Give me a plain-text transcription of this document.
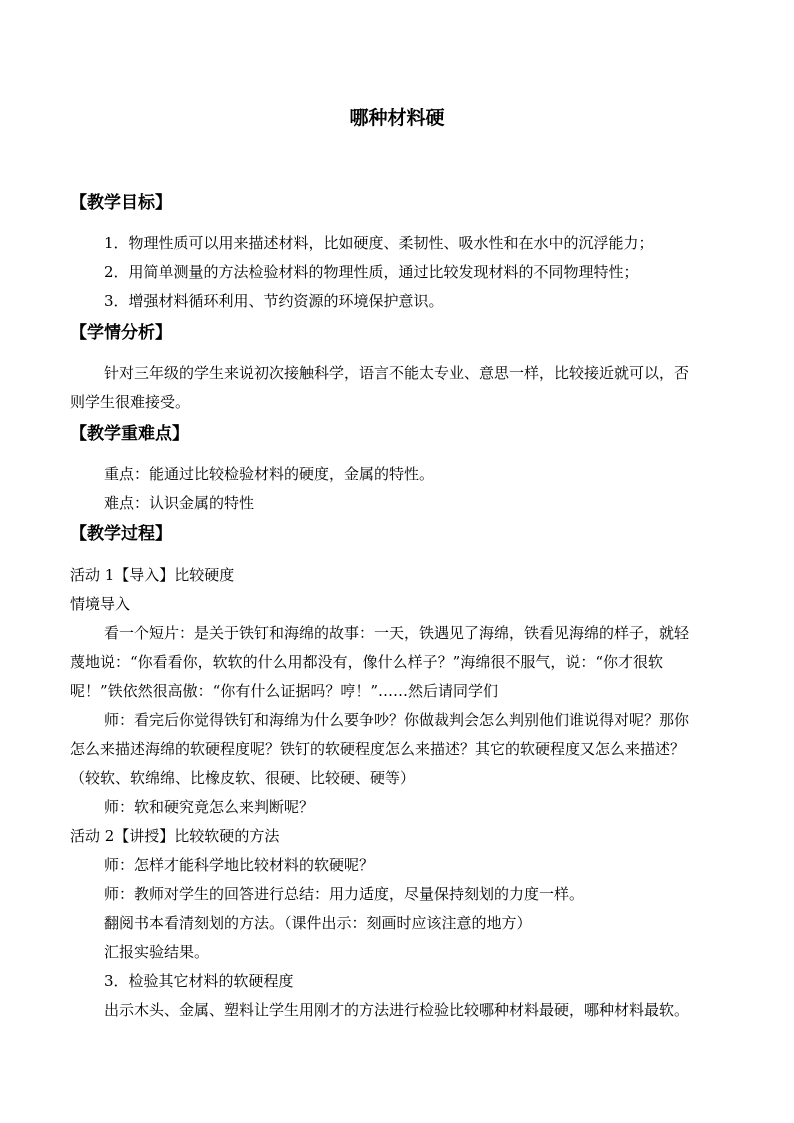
哪种材料硬
【教学目标】
1．物理性质可以用来描述材料，比如硬度、柔韧性、吸水性和在水中的沉浮能力；
2．用简单测量的方法检验材料的物理性质，通过比较发现材料的不同物理特性；
3．增强材料循环利用、节约资源的环境保护意识。
【学情分析】
针对三年级的学生来说初次接触科学，语言不能太专业、意思一样，比较接近就可以，否
则学生很难接受。
【教学重难点】
重点：能通过比较检验材料的硬度，金属的特性。
难点：认识金属的特性
【教学过程】
活动 1【导入】比较硬度
情境导入
看一个短片：是关于铁钉和海绵的故事：一天，铁遇见了海绵，铁看见海绵的样子，就轻
蔑地说：“你看看你，软软的什么用都没有，像什么样子？”海绵很不服气，说：“你才很软
呢！”铁依然很高傲：“你有什么证据吗？哼！”……然后请同学们
师：看完后你觉得铁钉和海绵为什么要争吵？你做裁判会怎么判别他们谁说得对呢？那你
怎么来描述海绵的软硬程度呢？铁钉的软硬程度怎么来描述？其它的软硬程度又怎么来描述？
（较软、软绵绵、比橡皮软、很硬、比较硬、硬等）
师：软和硬究竟怎么来判断呢？
活动 2【讲授】比较软硬的方法
师：怎样才能科学地比较材料的软硬呢？
师：教师对学生的回答进行总结：用力适度，尽量保持刻划的力度一样。
翻阅书本看清刻划的方法。（课件出示：刻画时应该注意的地方）
汇报实验结果。
3．检验其它材料的软硬程度
出示木头、金属、塑料让学生用刚才的方法进行检验比较哪种材料最硬，哪种材料最软。
